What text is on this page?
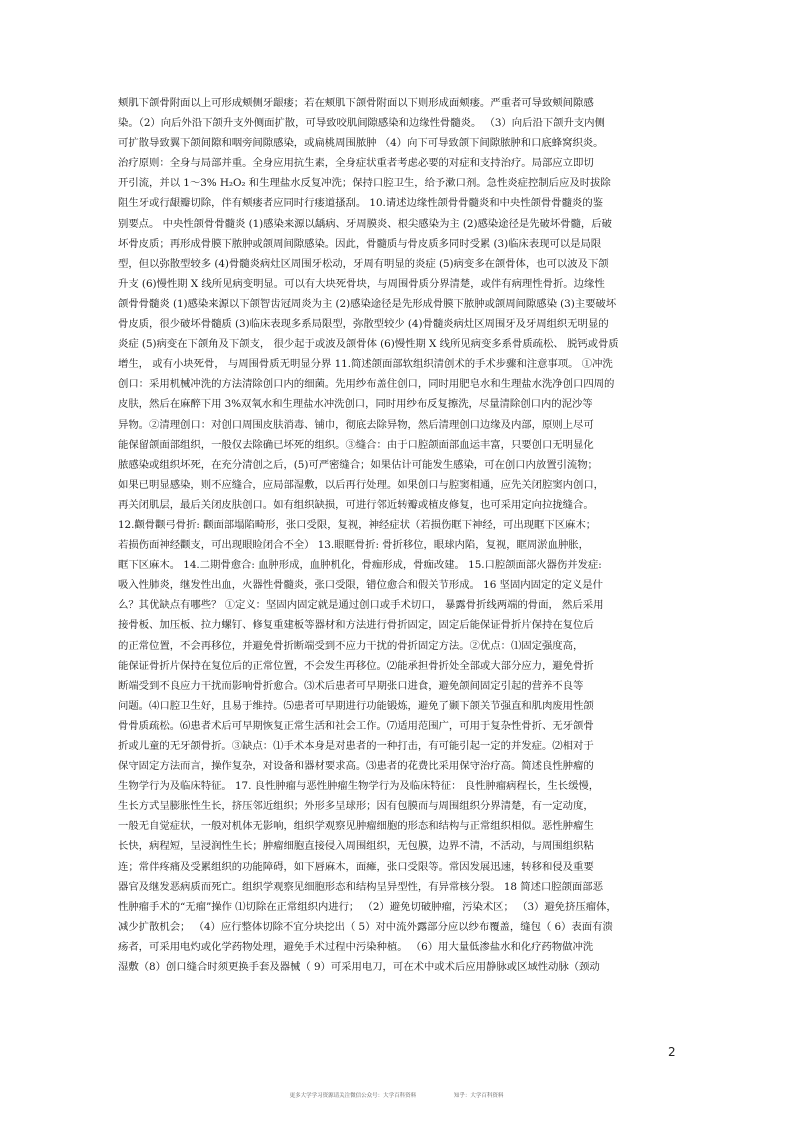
颊肌下颌骨附面以上可形成颊侧牙龈瘘；若在颊肌下颌骨附面以下则形成面颊瘘。严重者可导致颊间隙感
染。（2）向后外沿下颌升支外侧面扩散，可导致咬肌间隙感染和边缘性骨髓炎。 （3）向后沿下颌升支内侧
可扩散导致翼下颌间隙和咽旁间隙感染，或扁桃周围脓肿 （4）向下可导致颌下间隙脓肿和口底蜂窝织炎。
治疗原则：全身与局部并重。全身应用抗生素，全身症状重者考虑必要的对症和支持治疗。局部应立即切
开引流，并以 1～3% H₂O₂ 和生理盐水反复冲洗；保持口腔卫生，给予漱口剂。急性炎症控制后应及时拔除
阻生牙或行龈瓣切除，伴有颊瘘者应同时行瘘道搔刮。 10.请述边缘性颌骨骨髓炎和中央性颌骨骨髓炎的鉴
别要点。 中央性颌骨骨髓炎 (1)感染来源以龋病、牙周膜炎、根尖感染为主 (2)感染途径是先破坏骨髓，后破
坏骨皮质；再形成骨膜下脓肿或颌周间隙感染。因此，骨髓质与骨皮质多同时受累 (3)临床表现可以是局限
型，但以弥散型较多 (4)骨髓炎病灶区周围牙松动，牙周有明显的炎症 (5)病变多在颌骨体，也可以波及下颌
升支 (6)慢性期 X 线所见病变明显。可以有大块死骨块，与周围骨质分界清楚，或伴有病理性骨折。边缘性
颌骨骨髓炎 (1)感染来源以下颌智齿冠周炎为主 (2)感染途径是先形成骨膜下脓肿或颌周间隙感染 (3)主要破坏
骨皮质，很少破坏骨髓质 (3)临床表现多系局限型，弥散型较少 (4)骨髓炎病灶区周围牙及牙周组织无明显的
炎症 (5)病变在下颌角及下颌支， 很少起于或波及颌骨体 (6)慢性期 X 线所见病变多系骨质疏松、 脱钙或骨质
增生， 或有小块死骨， 与周围骨质无明显分界 11.简述颌面部软组织清创术的手术步骤和注意事项。 ①冲洗
创口：采用机械冲洗的方法清除创口内的细菌。先用纱布盖住创口，同时用肥皂水和生理盐水洗净创口四周的
皮肤，然后在麻醉下用 3%双氧水和生理盐水冲洗创口，同时用纱布反复擦洗，尽量清除创口内的泥沙等
异物。②清理创口：对创口周围皮肤消毒、铺巾，彻底去除异物，然后清理创口边缘及内部，原则上尽可
能保留颌面部组织，一般仅去除确已坏死的组织。③缝合：由于口腔颌面部血运丰富，只要创口无明显化
脓感染或组织坏死，在充分清创之后，(5)可严密缝合；如果估计可能发生感染，可在创口内放置引流物；
如果已明显感染，则不应缝合，应局部湿敷，以后再行处理。如果创口与腔窦相通，应先关闭腔窦内创口，
再关闭肌层，最后关闭皮肤创口。如有组织缺损，可进行邻近转瓣或植皮修复，也可采用定向拉拢缝合。
12.颧骨颧弓骨折: 颧面部塌陷畸形，张口受限，复视，神经症状（若损伤眶下神经，可出现眶下区麻木；
若损伤面神经颧支，可出现眼睑闭合不全） 13.眼眶骨折: 骨折移位，眼球内陷，复视，眶周淤血肿胀，
眶下区麻木。 14.二期骨愈合: 血肿形成，血肿机化，骨痂形成，骨痂改建。 15.口腔颌面部火器伤并发症:
吸入性肺炎，继发性出血，火器性骨髓炎，张口受限，错位愈合和假关节形成。 16 坚固内固定的定义是什
么？其优缺点有哪些？ ①定义：坚固内固定就是通过创口或手术切口， 暴露骨折线两端的骨面， 然后采用
接骨板、加压板、拉力螺钉、修复重建板等器材和方法进行骨折固定，固定后能保证骨折片保持在复位后
的正常位置，不会再移位，并避免骨折断端受到不应力干扰的骨折固定方法。②优点：⑴固定强度高，
能保证骨折片保持在复位后的正常位置，不会发生再移位。⑵能承担骨折处全部或大部分应力，避免骨折
断端受到不良应力干扰而影响骨折愈合。⑶术后患者可早期张口进食，避免颌间固定引起的营养不良等
问题。⑷口腔卫生好，且易于维持。⑸患者可早期进行功能锻炼，避免了颞下颌关节强直和肌肉废用性颌
骨骨质疏松。⑹患者术后可早期恢复正常生活和社会工作。⑺适用范围广，可用于复杂性骨折、无牙颌骨
折或儿童的无牙颌骨折。③缺点：⑴手术本身是对患者的一种打击，有可能引起一定的并发症。⑵相对于
保守固定方法而言，操作复杂，对设备和器材要求高。⑶患者的花费比采用保守治疗高。简述良性肿瘤的
生物学行为及临床特征。 17. 良性肿瘤与恶性肿瘤生物学行为及临床特征： 良性肿瘤病程长，生长缓慢，
生长方式呈膨胀性生长，挤压邻近组织；外形多呈球形；因有包膜而与周围组织分界清楚，有一定动度，
一般无自觉症状，一般对机体无影响，组织学观察见肿瘤细胞的形态和结构与正常组织相似。恶性肿瘤生
长快，病程短，呈浸润性生长；肿瘤细胞直接侵入周围组织，无包膜，边界不清，不活动，与周围组织粘
连；常伴疼痛及受累组织的功能障碍，如下唇麻木，面瘫，张口受限等。常因发展迅速，转移和侵及重要
器官及继发恶病质而死亡。组织学观察见细胞形态和结构呈异型性，有异常核分裂。 18 简述口腔颌面部恶
性肿瘤手术的“无瘤”操作 ⑴切除在正常组织内进行； （2）避免切破肿瘤，污染术区； （3）避免挤压瘤体，
减少扩散机会； （4）应行整体切除不宜分块挖出（ 5）对中流外露部分应以纱布覆盖，缝包（ 6）表面有溃
疡者，可采用电灼或化学药物处理，避免手术过程中污染种植。 （6）用大量低渗盐水和化疗药物做冲洗
湿敷（8）创口缝合时须更换手套及器械（ 9）可采用电刀，可在术中或术后应用静脉或区域性动脉（颈动
2
更多大学学习资源请关注微信公众号：大学百科资料	知乎：大学百科资料
